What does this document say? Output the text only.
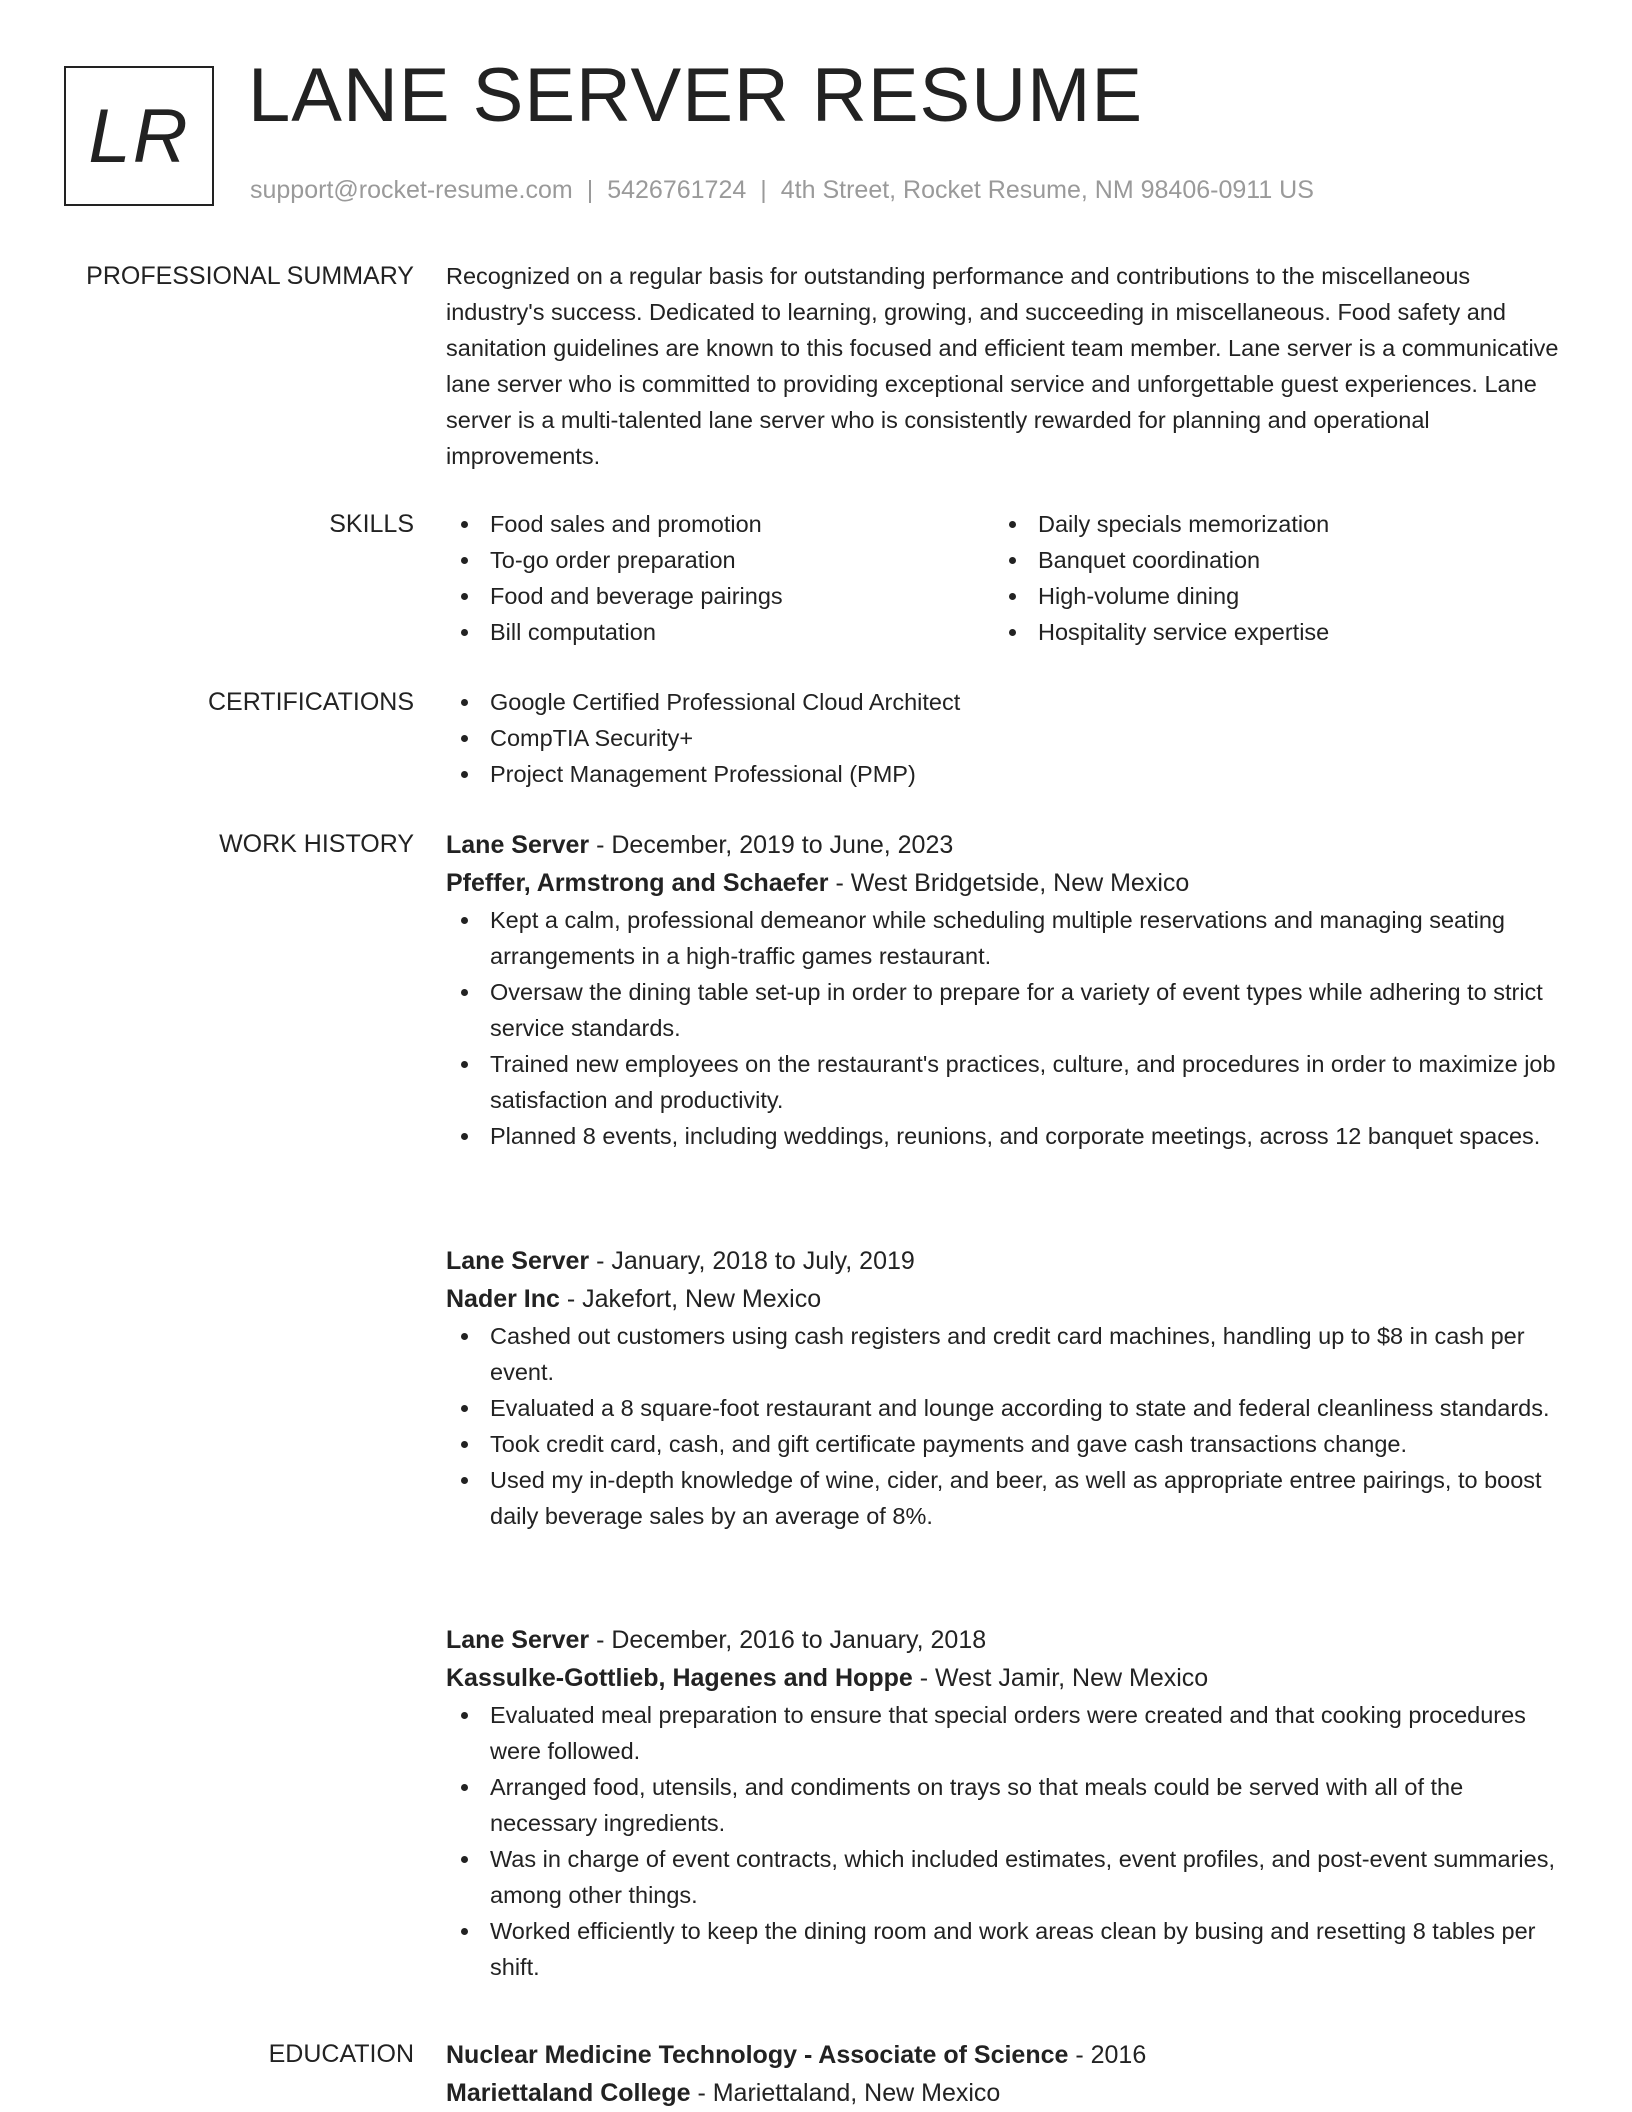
LR LANE SERVER RESUME
support@rocket-resume.com | 5426761724 | 4th Street, Rocket Resume, NM 98406-0911 US
PROFESSIONAL SUMMARY Recognized on a regular basis for outstanding performance and contributions to the miscellaneous industry's success. Dedicated to learning, growing, and succeeding in miscellaneous. Food safety and sanitation guidelines are known to this focused and efficient team member. Lane server is a communicative lane server who is committed to providing exceptional service and unforgettable guest experiences. Lane server is a multi-talented lane server who is consistently rewarded for planning and operational improvements.

SKILLS	Food sales and promotion
To-go order preparation
Food and beverage pairings
Bill computation
Daily specials memorization
Banquet coordination
High-volume dining
Hospitality service expertise
CERTIFICATIONS	Google Certified Professional Cloud Architect
CompTIA Security+
Project Management Professional (PMP)
WORK HISTORY Lane Server - December, 2019 to June, 2023
Pfeffer, Armstrong and Schaefer - West Bridgetside, New Mexico
Kept a calm, professional demeanor while scheduling multiple reservations and managing seating arrangements in a high-traffic games restaurant.
Oversaw the dining table set-up in order to prepare for a variety of event types while adhering to strict service standards.
Trained new employees on the restaurant's practices, culture, and procedures in order to maximize job satisfaction and productivity.
Planned 8 events, including weddings, reunions, and corporate meetings, across 12 banquet spaces.
Lane Server - January, 2018 to July, 2019
Nader Inc - Jakefort, New Mexico
Cashed out customers using cash registers and credit card machines, handling up to $8 in cash per event.
Evaluated a 8 square-foot restaurant and lounge according to state and federal cleanliness standards.
Took credit card, cash, and gift certificate payments and gave cash transactions change.
Used my in-depth knowledge of wine, cider, and beer, as well as appropriate entree pairings, to boost daily beverage sales by an average of 8%.
Lane Server - December, 2016 to January, 2018
Kassulke-Gottlieb, Hagenes and Hoppe - West Jamir, New Mexico
Evaluated meal preparation to ensure that special orders were created and that cooking procedures were followed.
Arranged food, utensils, and condiments on trays so that meals could be served with all of the necessary ingredients.
Was in charge of event contracts, which included estimates, event profiles, and post-event summaries, among other things.
Worked efficiently to keep the dining room and work areas clean by busing and resetting 8 tables per shift.
EDUCATION Nuclear Medicine Technology - Associate of Science - 2016
Mariettaland College - Mariettaland, New Mexico
